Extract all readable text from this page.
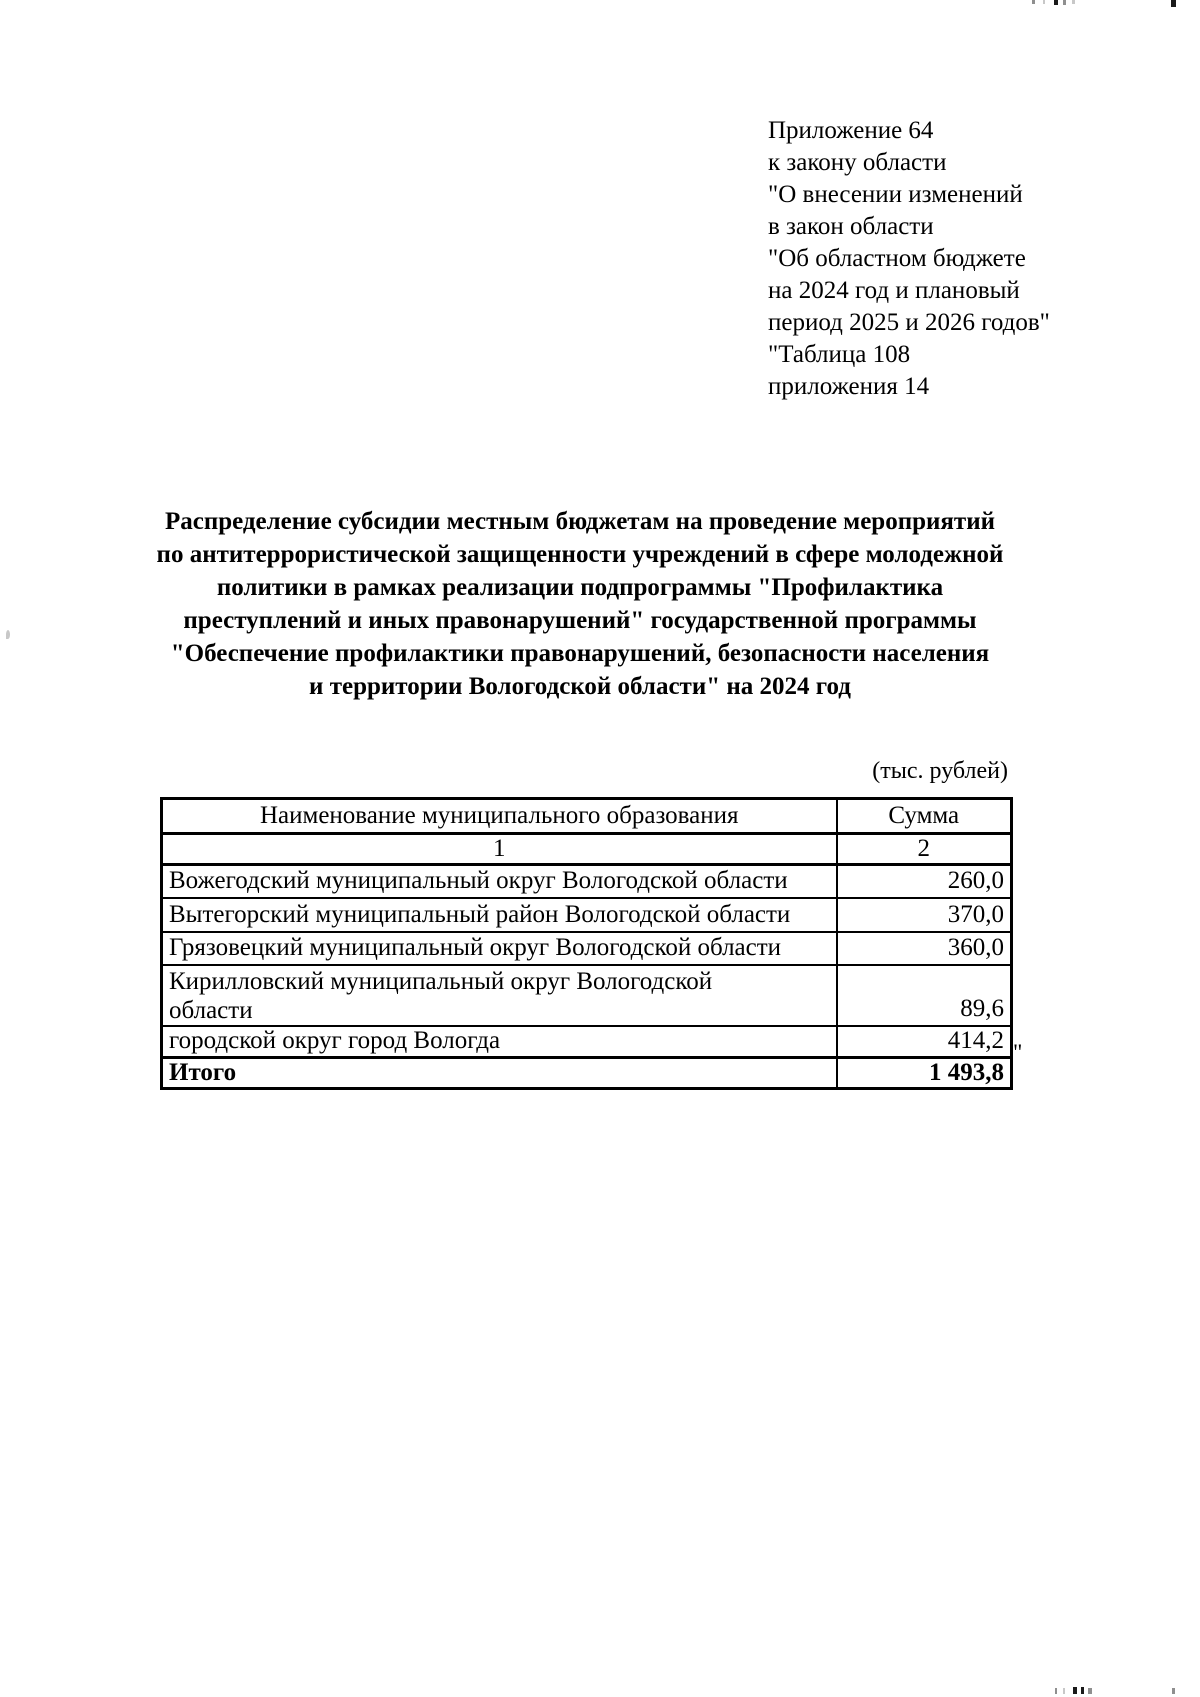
Приложение 64
к закону области
"О внесении изменений
в закон области
"Об областном бюджете
на 2024 год и плановый
период 2025 и 2026 годов"
"Таблица 108
приложения 14
Распределение субсидии местным бюджетам на проведение мероприятий
по антитеррористической защищенности учреждений в сфере молодежной
политики в рамках реализации подпрограммы "Профилактика
преступлений и иных правонарушений" государственной программы
"Обеспечение профилактики правонарушений, безопасности населения
и территории Вологодской области" на 2024 год
(тыс. рублей)
Наименование муниципального образования	Сумма
1	2
Вожегодский муниципальный округ Вологодской области	260,0
Вытегорский муниципальный район Вологодской области	370,0
Грязовецкий муниципальный округ Вологодской области	360,0

Кирилловский муниципальный округ Вологодской
области	89,6
городской округ город Вологда	414,2
Итого	1 493,8
"
